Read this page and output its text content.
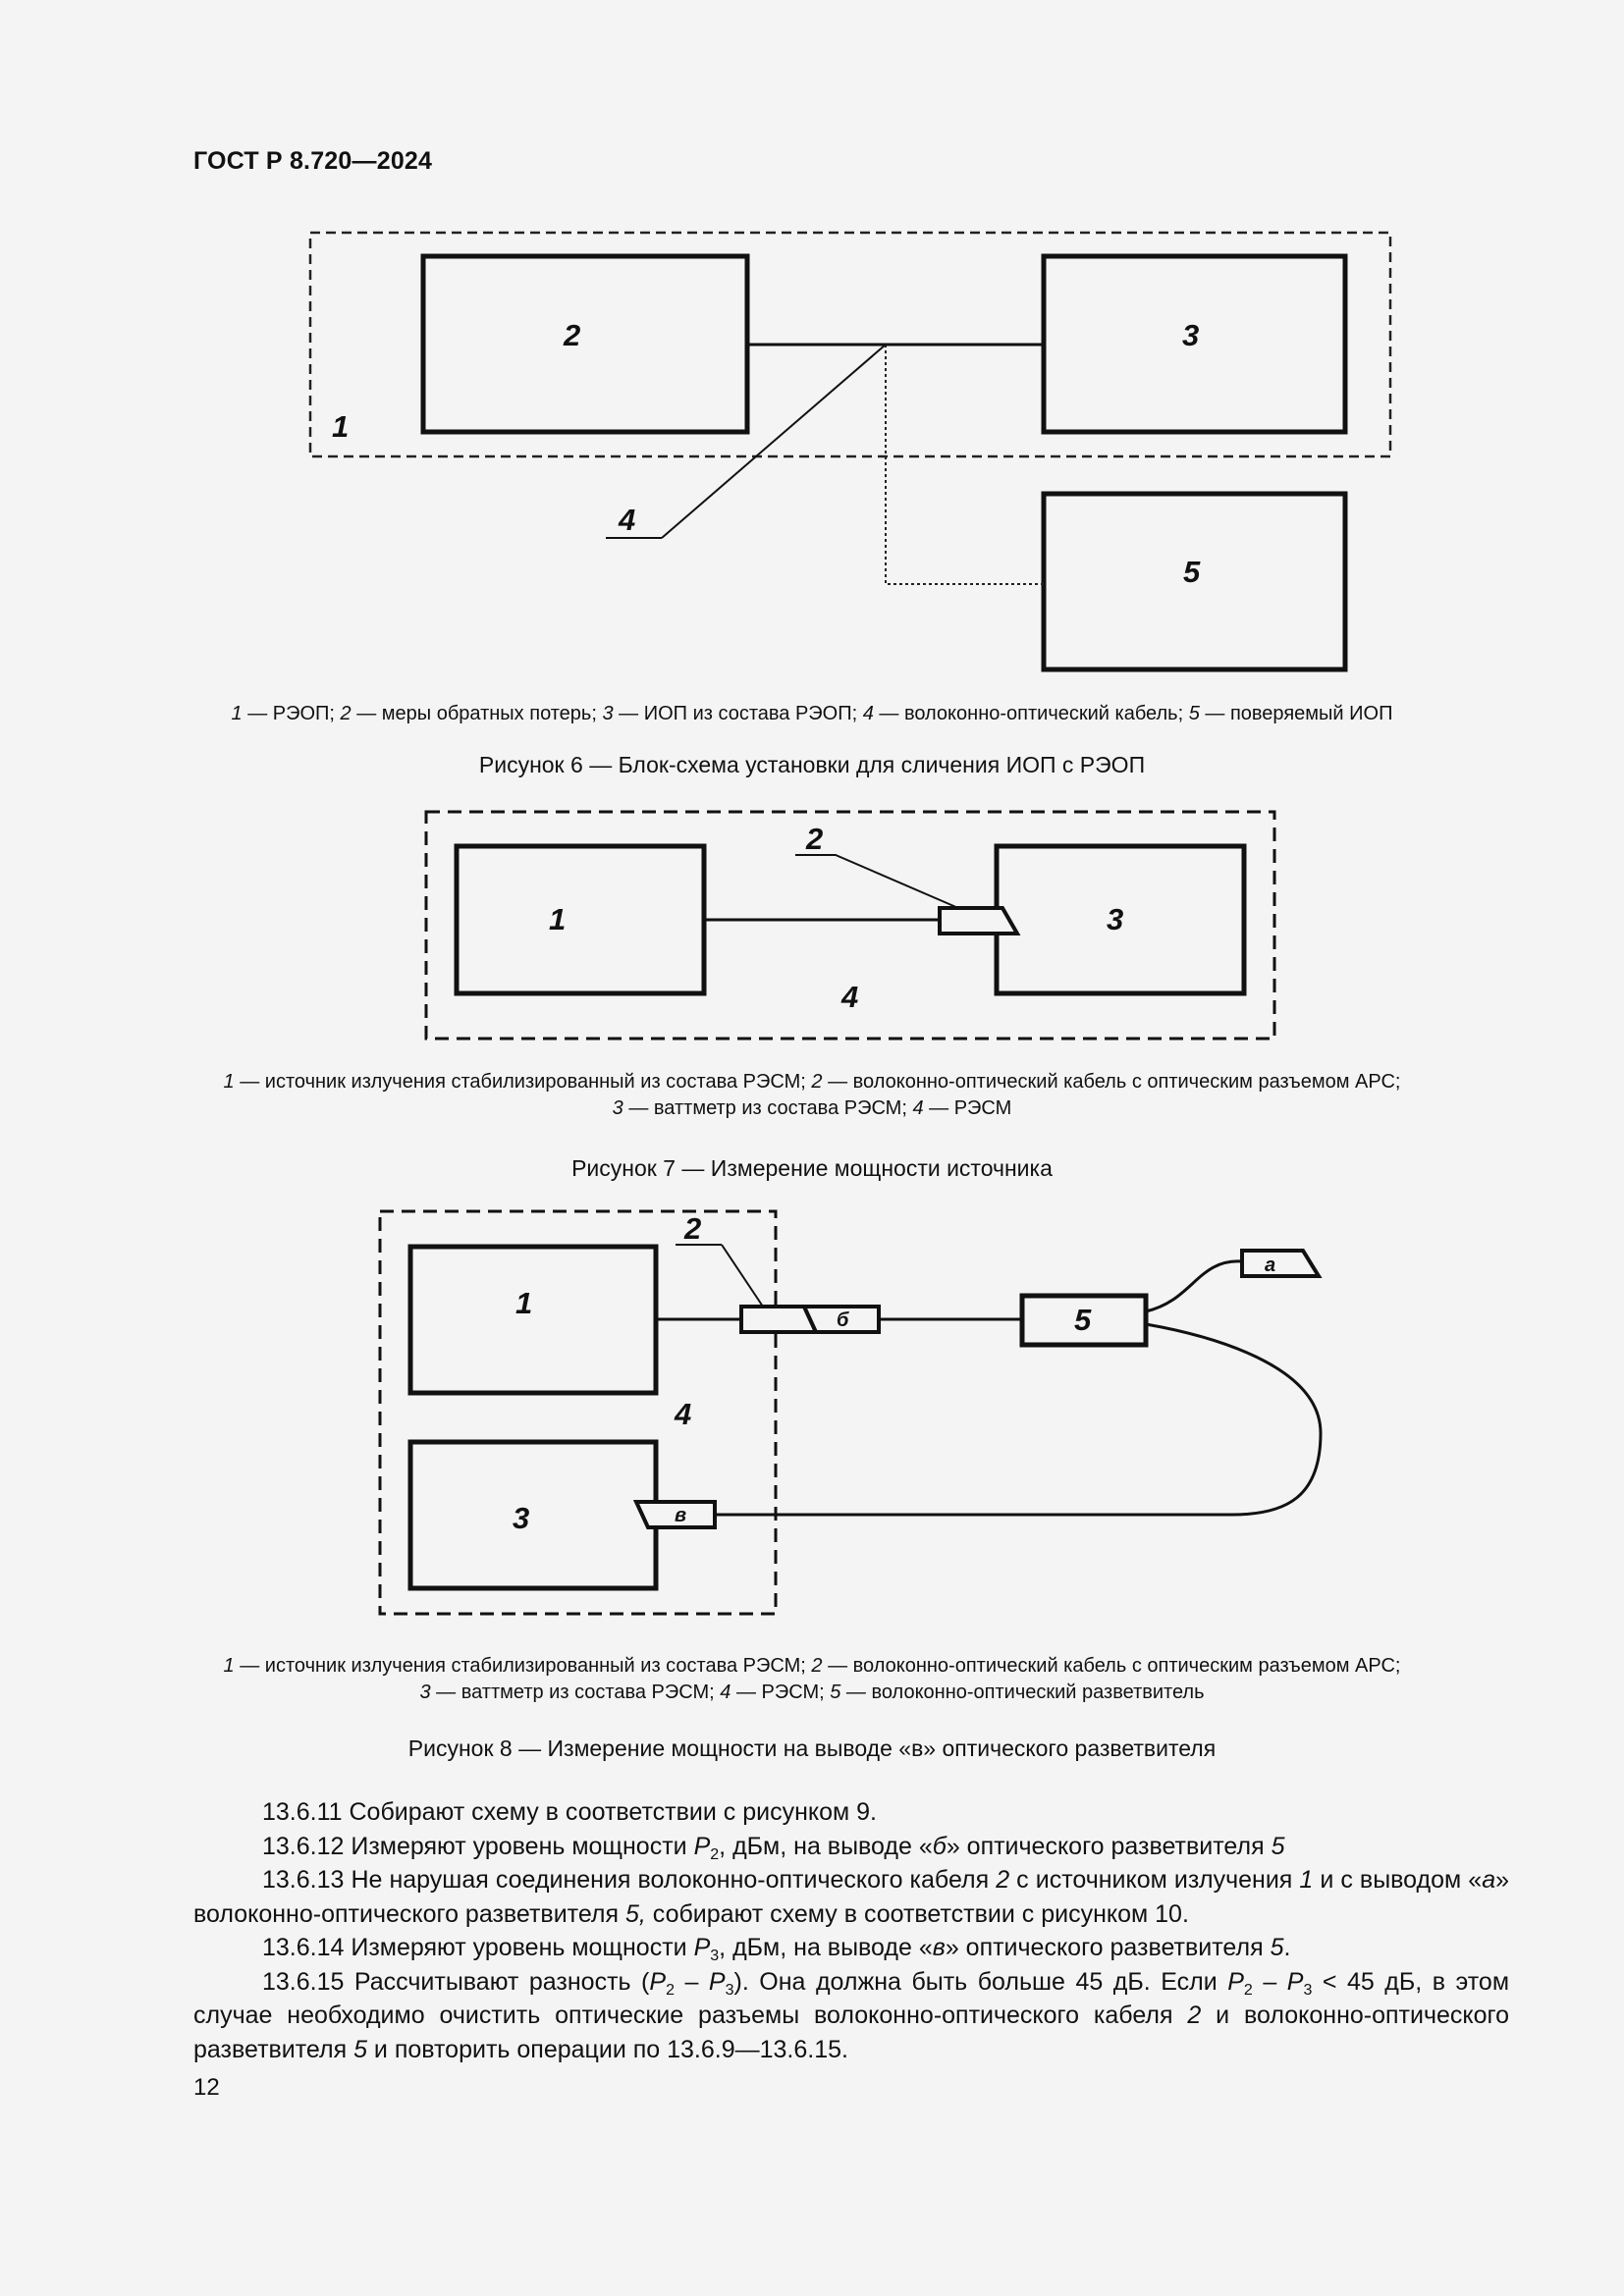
ГОСТ Р 8.720—2024
1
2	3
4
5
1 — РЭОП; 2 — меры обратных потерь; 3 — ИОП из состава РЭОП; 4 — волоконно-оптический кабель; 5 — поверяемый ИОП
Рисунок 6 — Блок-схема установки для сличения ИОП с РЭОП
1
2
3
4
1 — источник излучения стабилизированный из состава РЭСМ; 2 — волоконно-оптический кабель с оптическим разъемом АРС;
3 — ваттметр из состава РЭСМ; 4 — РЭСМ
Рисунок 7 — Измерение мощности источника
1
2
3
4
5
а
б
в
1 — источник излучения стабилизированный из состава РЭСМ; 2 — волоконно-оптический кабель с оптическим разъемом АРС;
3 — ваттметр из состава РЭСМ; 4 — РЭСМ; 5 — волоконно-оптический разветвитель
Рисунок 8 — Измерение мощности на выводе «в» оптического разветвителя

13.6.11 Собирают схему в соответствии с рисунком 9.

13.6.12 Измеряют уровень мощности $P_2$, дБм, на выводе «б» оптического разветвителя 5

13.6.13 Не нарушая соединения волоконно-оптического кабеля 2 с источником излучения 1 и с выводом «а» волоконно-оптического разветвителя 5, собирают схему в соответствии с рисунком 10.

13.6.14 Измеряют уровень мощности $P_3$, дБм, на выводе «в» оптического разветвителя 5.

13.6.15 Рассчитывают разность $(P_2 - P_3)$. Она должна быть больше 45 дБ. Если $P_2 - P_3 < 45$ дБ, в этом случае необходимо очистить оптические разъемы волоконно-оптического кабеля 2 и волоконно-оптического разветвителя 5 и повторить операции по 13.6.9—13.6.15.

12
